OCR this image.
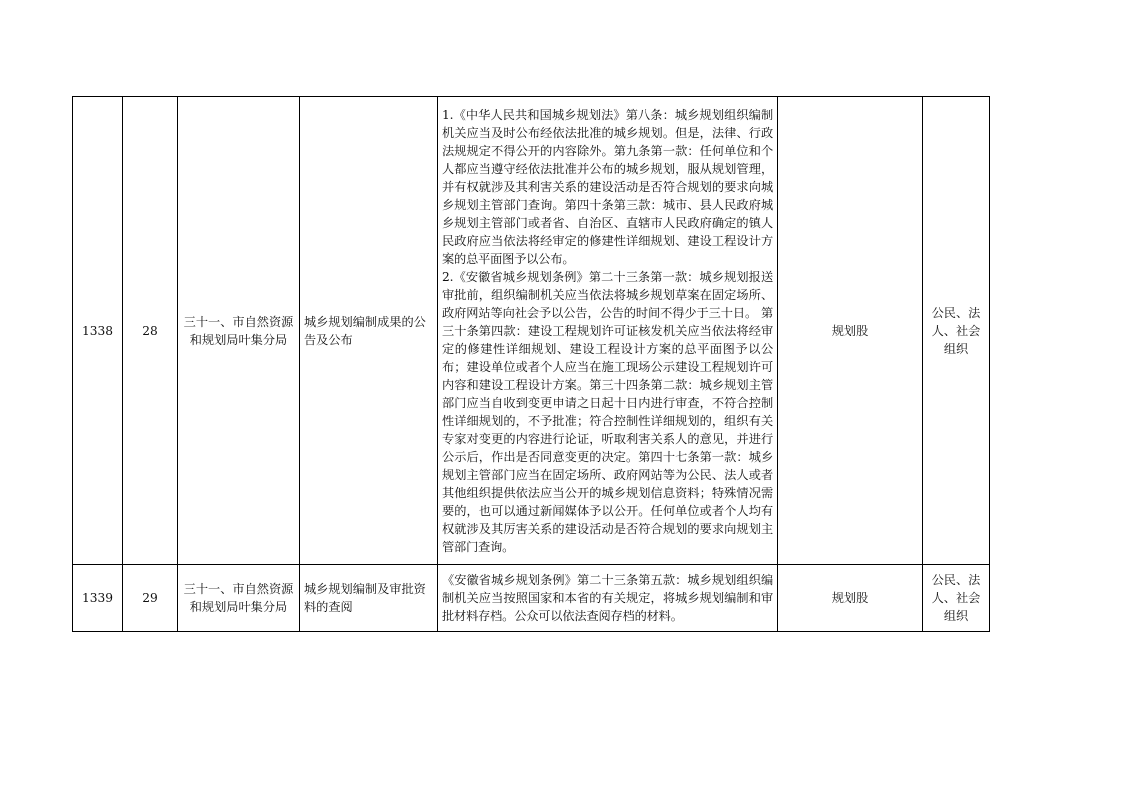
1338	28	三十一、市自然资源和规划局叶集分局	城乡规划编制成果的公告及公布	1.《中华人民共和国城乡规划法》第八条：城乡规划组织编制机关应当及时公布经依法批准的城乡规划。但是，法律、行政法规规定不得公开的内容除外。第九条第一款：任何单位和个人都应当遵守经依法批准并公布的城乡规划，服从规划管理，并有权就涉及其利害关系的建设活动是否符合规划的要求向城乡规划主管部门查询。第四十条第三款：城市、县人民政府城乡规划主管部门或者省、自治区、直辖市人民政府确定的镇人民政府应当依法将经审定的修建性详细规划、建设工程设计方案的总平面图予以公布。

2.《安徽省城乡规划条例》第二十三条第一款：城乡规划报送审批前，组织编制机关应当依法将城乡规划草案在固定场所、政府网站等向社会予以公告，公告的时间不得少于三十日。 第三十条第四款：建设工程规划许可证核发机关应当依法将经审定的修建性详细规划、建设工程设计方案的总平面图予以公布；建设单位或者个人应当在施工现场公示建设工程规划许可内容和建设工程设计方案。第三十四条第二款：城乡规划主管部门应当自收到变更申请之日起十日内进行审查，不符合控制性详细规划的，不予批准；符合控制性详细规划的，组织有关专家对变更的内容进行论证，听取利害关系人的意见，并进行公示后，作出是否同意变更的决定。第四十七条第一款：城乡规划主管部门应当在固定场所、政府网站等为公民、法人或者其他组织提供依法应当公开的城乡规划信息资料；特殊情况需要的，也可以通过新闻媒体予以公开。任何单位或者个人均有权就涉及其厉害关系的建设活动是否符合规划的要求向规划主管部门查询。	规划股	公民、法人、社会组织
1339	29	三十一、市自然资源和规划局叶集分局	城乡规划编制及审批资料的查阅	《安徽省城乡规划条例》第二十三条第五款：城乡规划组织编制机关应当按照国家和本省的有关规定，将城乡规划编制和审批材料存档。公众可以依法查阅存档的材料。	规划股	公民、法人、社会组织
